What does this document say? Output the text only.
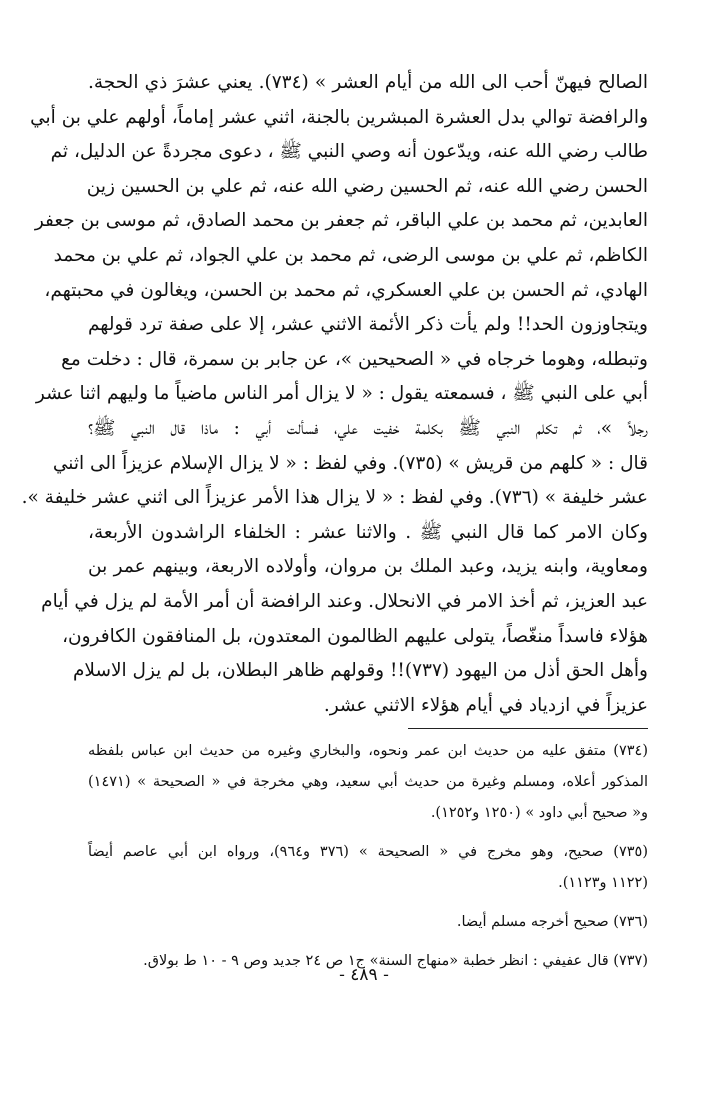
الصالح فيهنّ أحب الى الله من أيام العشر » (٧٣٤). يعني عشرَ ذي الحجة.
والرافضة توالي بدل العشرة المبشرين بالجنة، اثني عشر إماماً، أولهم علي بن أبي
طالب رضي الله عنه، ويدّعون أنه وصي النبي ﷺ ، دعوى مجردةً عن الدليل، ثم
الحسن رضي الله عنه، ثم الحسين رضي الله عنه، ثم علي بن الحسين زين
العابدين، ثم محمد بن علي الباقر، ثم جعفر بن محمد الصادق، ثم موسى بن جعفر
الكاظم، ثم علي بن موسى الرضى، ثم محمد بن علي الجواد، ثم علي بن محمد
الهادي، ثم الحسن بن علي العسكري، ثم محمد بن الحسن، ويغالون في محبتهم،
ويتجاوزون الحد!! ولم يأت ذكر الأئمة الاثني عشر، إلا على صفة ترد قولهم
وتبطله، وهوما خرجاه في « الصحيحين »، عن جابر بن سمرة، قال : دخلت مع
أبي على النبي ﷺ ، فسمعته يقول : « لا يزال أمر الناس ماضياً ما وليهم اثنا عشر
رجلاً »، ثم تكلم النبي ﷺ بكلمة خفيت علي، فسألت أبي : ماذا قال النبي ﷺ؟
قال : « كلهم من قريش » (٧٣٥). وفي لفظ : « لا يزال الإسلام عزيزاً الى اثني
عشر خليفة » (٧٣٦). وفي لفظ : « لا يزال هذا الأمر عزيزاً الى اثني عشر خليفة ».
وكان الامر كما قال النبي ﷺ . والاثنا عشر : الخلفاء الراشدون الأربعة،
ومعاوية، وابنه يزيد، وعبد الملك بن مروان، وأولاده الاربعة، وبينهم عمر بن
عبد العزيز، ثم أخذ الامر في الانحلال. وعند الرافضة أن أمر الأمة لم يزل في أيام
هؤلاء فاسداً منغّصاً، يتولى عليهم الظالمون المعتدون، بل المنافقون الكافرون،
وأهل الحق أذل من اليهود (٧٣٧)!! وقولهم ظاهر البطلان، بل لم يزل الاسلام
عزيزاً في ازدياد في أيام هؤلاء الاثني عشر.
(٧٣٤) متفق عليه من حديث ابن عمر ونحوه، والبخاري وغيره من حديث ابن عباس بلفظه
المذكور أعلاه، ومسلم وغيرة من حديث أبي سعيد، وهي مخرجة في « الصحيحة » (١٤٧١)
و« صحيح أبي داود » (١٢٥٠ و١٢٥٢).
(٧٣٥) صحيح، وهو مخرج في « الصحيحة » (٣٧٦ و٩٦٤)، ورواه ابن أبي عاصم أيضاً
(١١٢٢ و١١٢٣).
(٧٣٦) صحيح أخرجه مسلم أيضا.
(٧٣٧) قال عفيفي : انظر خطبة «منهاج السنة» ج١ ص ٢٤ جديد وص ٩ - ١٠ ط بولاق.
- ٤٨٩ -
